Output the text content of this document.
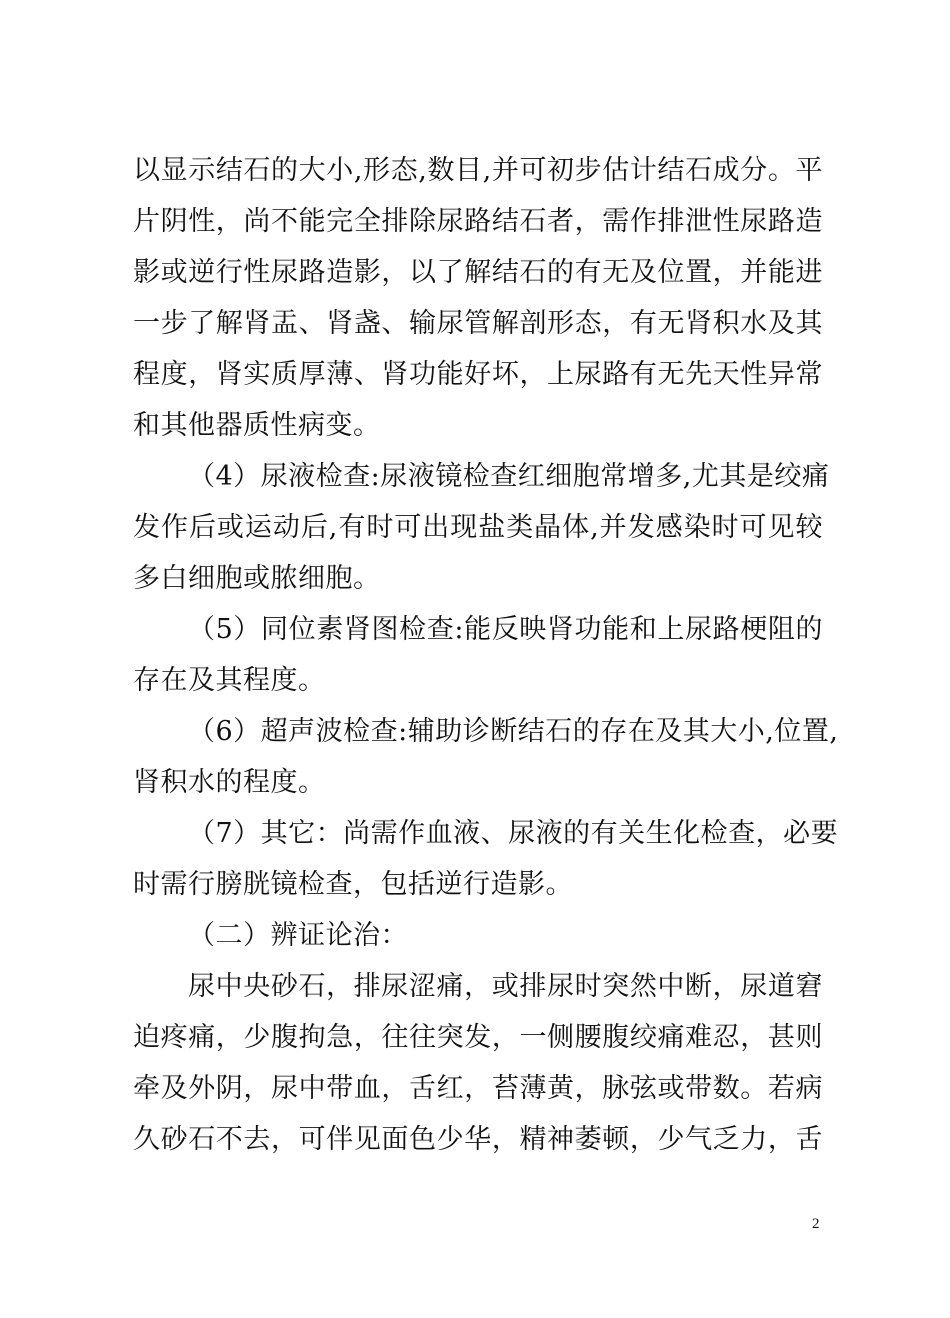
以显示结石的大小,形态,数目,并可初步估计结石成分。平
片阴性，尚不能完全排除尿路结石者，需作排泄性尿路造
影或逆行性尿路造影，以了解结石的有无及位置，并能进
一步了解肾盂、肾盏、输尿管解剖形态，有无肾积水及其
程度，肾实质厚薄、肾功能好坏，上尿路有无先天性异常
和其他器质性病变。
（4）尿液检查:尿液镜检查红细胞常增多,尤其是绞痛
发作后或运动后,有时可出现盐类晶体,并发感染时可见较
多白细胞或脓细胞。
（5）同位素肾图检查:能反映肾功能和上尿路梗阻的
存在及其程度。
（6）超声波检查:辅助诊断结石的存在及其大小,位置,
肾积水的程度。
（7）其它：尚需作血液、尿液的有关生化检查，必要
时需行膀胱镜检查，包括逆行造影。
（二）辨证论治：
尿中央砂石，排尿涩痛，或排尿时突然中断，尿道窘
迫疼痛，少腹拘急，往往突发，一侧腰腹绞痛难忍，甚则
牵及外阴，尿中带血，舌红，苔薄黄，脉弦或带数。若病
久砂石不去，可伴见面色少华，精神萎顿，少气乏力，舌
2
